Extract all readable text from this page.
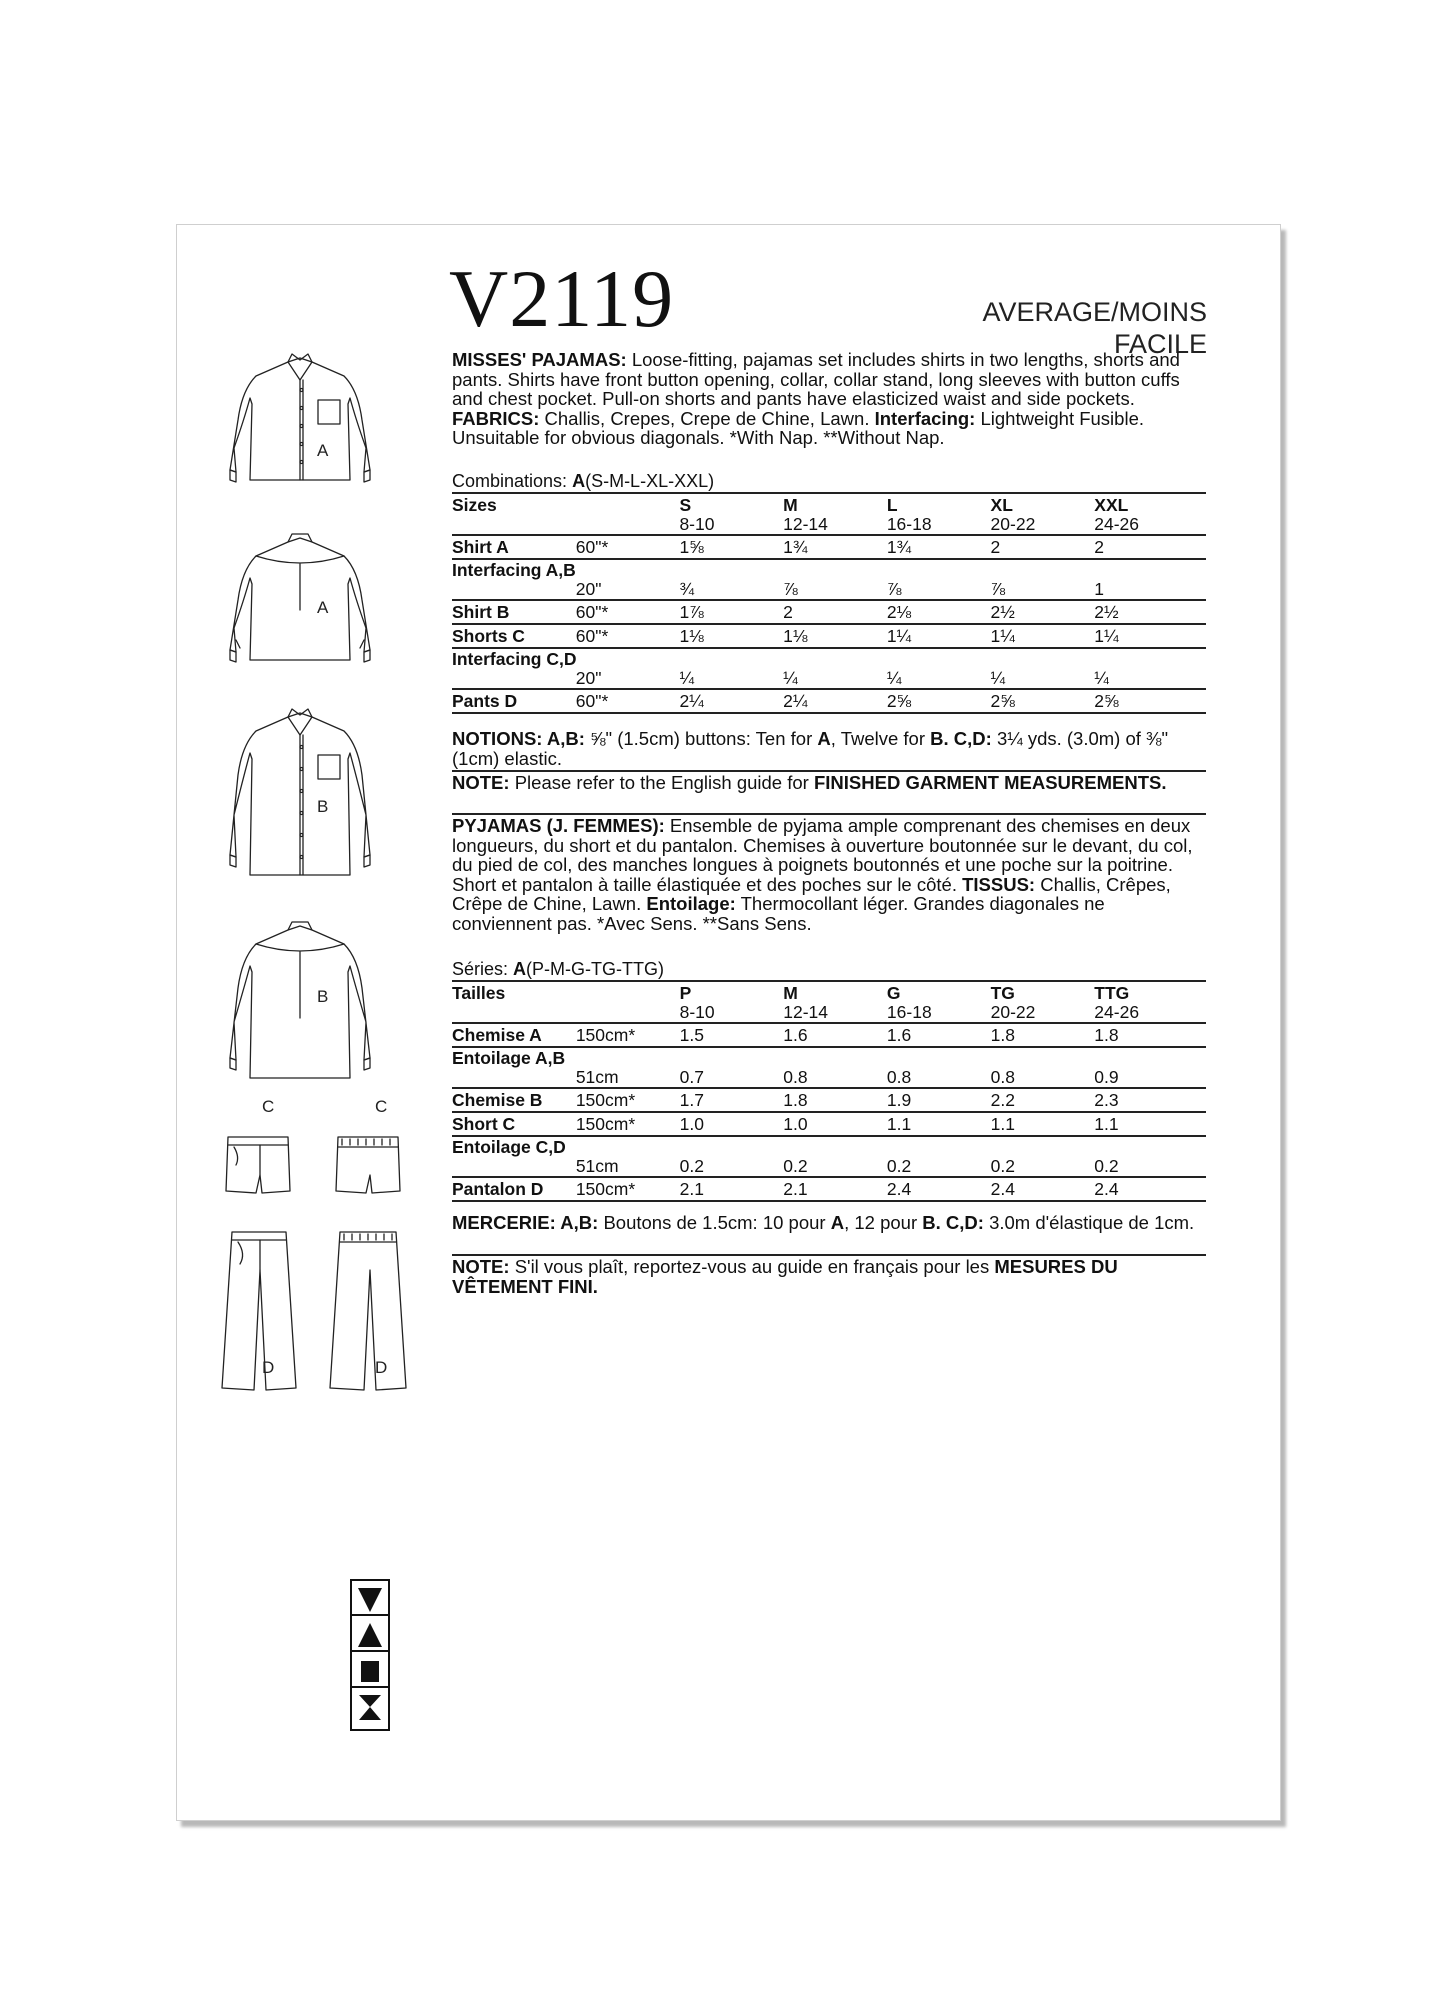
V2119	AVERAGE/MOINS FACILE
MISSES' PAJAMAS: Loose-fitting, pajamas set includes shirts in two lengths, shorts and pants. Shirts have front button opening, collar, collar stand, long sleeves with button cuffs and chest pocket. Pull-on shorts and pants have elasticized waist and side pockets. FABRICS: Challis, Crepes, Crepe de Chine, Lawn. Interfacing: Lightweight Fusible. Unsuitable for obvious diagonals. *With Nap. **Without Nap.
Combinations: A(S-M-L-XL-XXL)
Sizes		S	M	L	XL	XXL
		8-10	12-14	16-18	20-22	24-26
Shirt A	60"*	1⅝	1¾	1¾	2	2
Interfacing A,B						
	20"	¾	⅞	⅞	⅞	1
Shirt B	60"*	1⅞	2	2⅛	2½	2½
Shorts C	60"*	1⅛	1⅛	1¼	1¼	1¼
Interfacing C,D						
	20"	¼	¼	¼	¼	¼
Pants D	60"*	2¼	2¼	2⅝	2⅝	2⅝
NOTIONS: A,B: ⅝" (1.5cm) buttons: Ten for A, Twelve for B. C,D: 3¼ yds. (3.0m) of ⅜" (1cm) elastic.
NOTE: Please refer to the English guide for FINISHED GARMENT MEASUREMENTS.
PYJAMAS (J. FEMMES): Ensemble de pyjama ample comprenant des chemises en deux longueurs, du short et du pantalon. Chemises à ouverture boutonnée sur le devant, du col, du pied de col, des manches longues à poignets boutonnés et une poche sur la poitrine. Short et pantalon à taille élastiquée et des poches sur le côté. TISSUS: Challis, Crêpes, Crêpe de Chine, Lawn. Entoilage: Thermocollant léger. Grandes diagonales ne conviennent pas. *Avec Sens. **Sans Sens.
Séries: A(P-M-G-TG-TTG)
Tailles		P	M	G	TG	TTG
		8-10	12-14	16-18	20-22	24-26
Chemise A	150cm*	1.5	1.6	1.6	1.8	1.8
Entoilage A,B						
	51cm	0.7	0.8	0.8	0.8	0.9
Chemise B	150cm*	1.7	1.8	1.9	2.2	2.3
Short C	150cm*	1.0	1.0	1.1	1.1	1.1
Entoilage C,D						
	51cm	0.2	0.2	0.2	0.2	0.2
Pantalon D	150cm*	2.1	2.1	2.4	2.4	2.4
MERCERIE: A,B: Boutons de 1.5cm: 10 pour A, 12 pour B. C,D: 3.0m d'élastique de 1cm.
NOTE: S'il vous plaît, reportez-vous au guide en français pour les MESURES DU VÊTEMENT FINI.
A
A
B
B
C	C
D	D
